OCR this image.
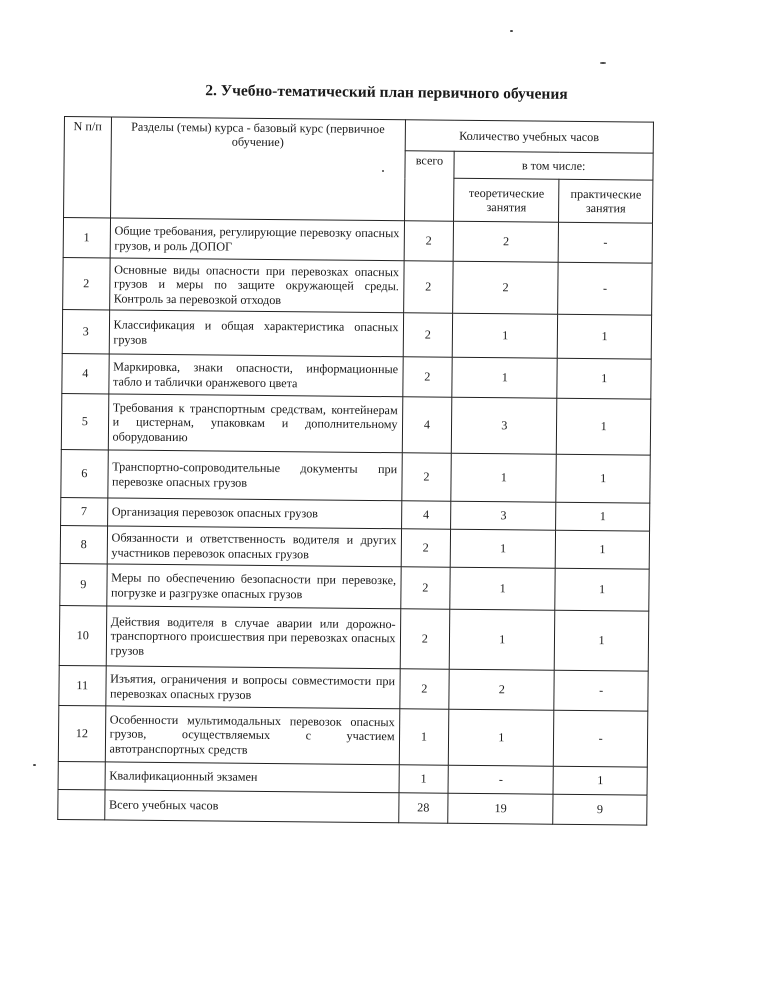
2. Учебно-тематический план первичного обучения
N п/п	Разделы (темы) курса - базовый курс (первичное обучение)	Количество учебных часов		
		всего	в том числе:	
			теоретические занятия	практические занятия
1	Общие требования, регулирующие перевозку опасных грузов, и роль ДОПОГ	2	2	-
2	Основные виды опасности при перевозках опасных грузов и меры по защите окружающей среды. Контроль за перевозкой отходов	2	2	-
3	Классификация и общая характеристика опасных грузов	2	1	1
4	Маркировка, знаки опасности, информационные табло и таблички оранжевого цвета	2	1	1
5	Требования к транспортным средствам, контейнерам и цистернам, упаковкам и дополнительному оборудованию	4	3	1
6	Транспортно-сопроводительные документы при перевозке опасных грузов	2	1	1
7	Организация перевозок опасных грузов	4	3	1
8	Обязанности и ответственность водителя и других участников перевозок опасных грузов	2	1	1
9	Меры по обеспечению безопасности при перевозке, погрузке и разгрузке опасных грузов	2	1	1
10	Действия водителя в случае аварии или дорожно-транспортного происшествия при перевозках опасных грузов	2	1	1
11	Изъятия, ограничения и вопросы совместимости при перевозках опасных грузов	2	2	-
12	Особенности мультимодальных перевозок опасных грузов, осуществляемых с участием автотранспортных средств	1	1	-
	Квалификационный экзамен	1	-	1
	Всего учебных часов	28	19	9
